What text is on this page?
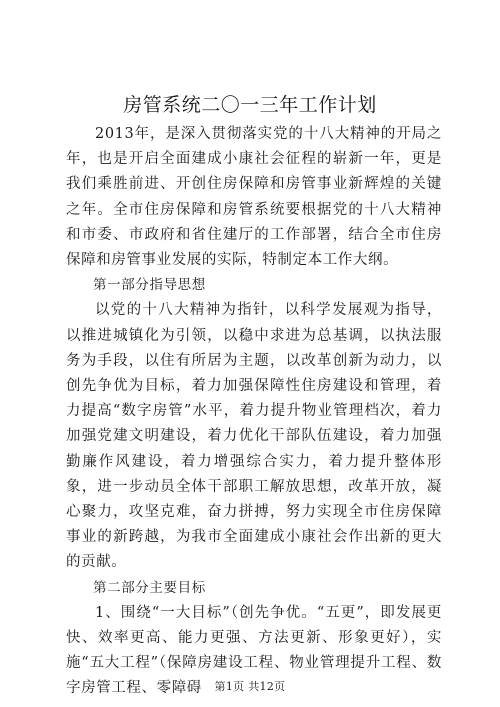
房管系统二〇一三年工作计划

2013年，是深入贯彻落实党的十八大精神的开局之年，也是开启全面建成小康社会征程的崭新一年，更是我们乘胜前进、开创住房保障和房管事业新辉煌的关键之年。全市住房保障和房管系统要根据党的十八大精神和市委、市政府和省住建厅的工作部署，结合全市住房保障和房管事业发展的实际，特制定本工作大纲。

第一部分指导思想

以党的十八大精神为指针，以科学发展观为指导，以推进城镇化为引领，以稳中求进为总基调，以执法服务为手段，以住有所居为主题，以改革创新为动力，以创先争优为目标，着力加强保障性住房建设和管理，着力提高“数字房管”水平，着力提升物业管理档次，着力加强党建文明建设，着力优化干部队伍建设，着力加强勤廉作风建设，着力增强综合实力，着力提升整体形象，进一步动员全体干部职工解放思想，改革开放，凝心聚力，攻坚克难，奋力拼搏，努力实现全市住房保障事业的新跨越，为我市全面建成小康社会作出新的更大的贡献。

第二部分主要目标

1、围绕“一大目标”（创先争优。“五更”，即发展更快、效率更高、能力更强、方法更新、形象更好），实施“五大工程”（保障房建设工程、物业管理提升工程、数字房管工程、零障碍	第1页 共12页
